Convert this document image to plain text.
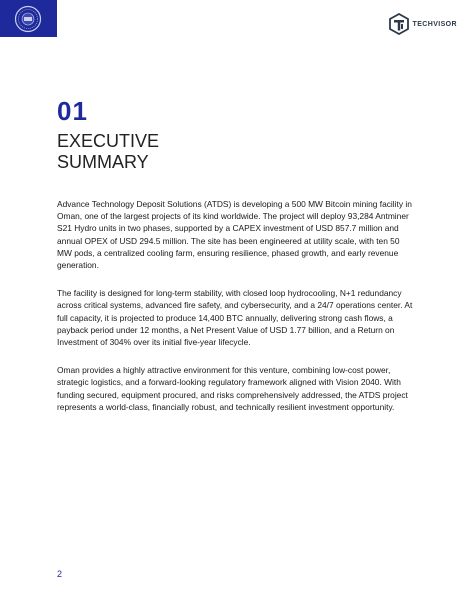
TECHVISOR
01
EXECUTIVE
SUMMARY

Advance Technology Deposit Solutions (ATDS) is developing a 500 MW Bitcoin mining facility in Oman, one of the largest projects of its kind worldwide. The project will deploy 93,284 Antminer S21 Hydro units in two phases, supported by a CAPEX investment of USD 857.7 million and annual OPEX of USD 294.5 million. The site has been engineered at utility scale, with ten 50 MW pods, a centralized cooling farm, ensuring resilience, phased growth, and early revenue generation.

The facility is designed for long-term stability, with closed loop hydrocooling, N+1 redundancy across critical systems, advanced fire safety, and cybersecurity, and a 24/7 operations center. At full capacity, it is projected to produce 14,400 BTC annually, delivering strong cash flows, a payback period under 12 months, a Net Present Value of USD 1.77 billion, and a Return on Investment of 304% over its initial five-year lifecycle.

Oman provides a highly attractive environment for this venture, combining low-cost power, strategic logistics, and a forward-looking regulatory framework aligned with Vision 2040. With funding secured, equipment procured, and risks comprehensively addressed, the ATDS project represents a world-class, financially robust, and technically resilient investment opportunity.

2
